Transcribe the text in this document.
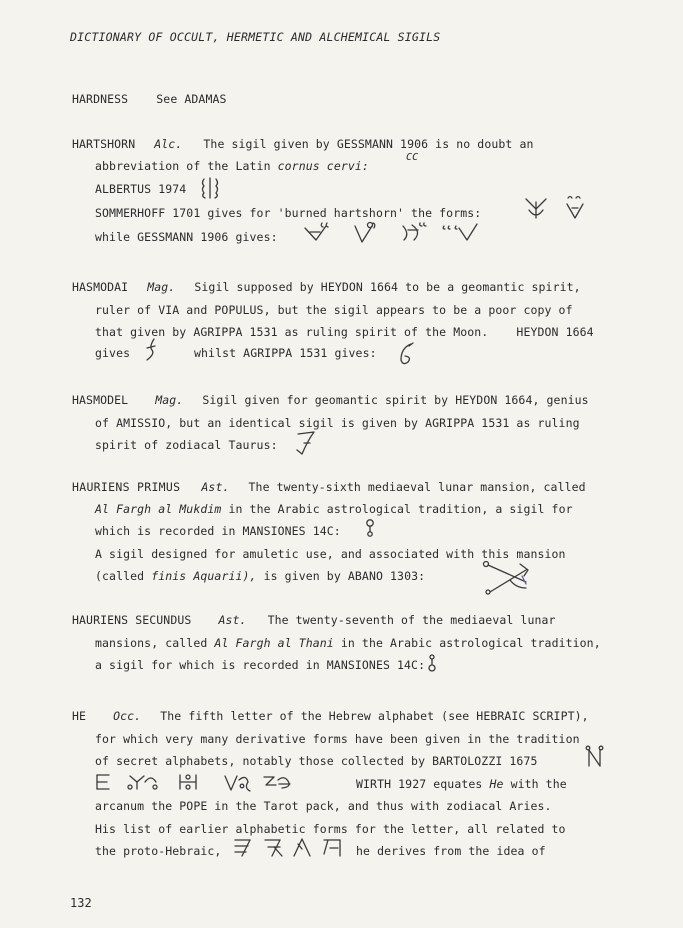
DICTIONARY OF OCCULT, HERMETIC AND ALCHEMICAL SIGILS
HARDNESS    See ADAMAS
HARTSHORN Alc. The sigil given by GESSMANN 1906 is no doubt an
abbreviation of the Latin cornus cervi:
CC
ALBERTUS 1974
SOMMERHOFF 1701 gives for 'burned hartshorn' the forms:
while GESSMANN 1906 gives:
HASMODAI Mag. Sigil supposed by HEYDON 1664 to be a geomantic spirit,
ruler of VIA and POPULUS, but the sigil appears to be a poor copy of
that given by AGRIPPA 1531 as ruling spirit of the Moon.    HEYDON 1664
gives	whilst AGRIPPA 1531 gives:
HASMODEL Mag. Sigil given for geomantic spirit by HEYDON 1664, genius
of AMISSIO, but an identical sigil is given by AGRIPPA 1531 as ruling
spirit of zodiacal Taurus:
HAURIENS PRIMUS Ast. The twenty-sixth mediaeval lunar mansion, called
Al Fargh al Mukdim in the Arabic astrological tradition, a sigil for
which is recorded in MANSIONES 14C:
A sigil designed for amuletic use, and associated with this mansion
(called finis Aquarii), is given by ABANO 1303:
HAURIENS SECUNDUS Ast. The twenty-seventh of the mediaeval lunar
mansions, called Al Fargh al Thani in the Arabic astrological tradition,
a sigil for which is recorded in MANSIONES 14C:
HE Occ. The fifth letter of the Hebrew alphabet (see HEBRAIC SCRIPT),
for which very many derivative forms have been given in the tradition
of secret alphabets, notably those collected by BARTOLOZZI 1675
WIRTH 1927 equates He with the
arcanum the POPE in the Tarot pack, and thus with zodiacal Aries.
His list of earlier alphabetic forms for the letter, all related to
the proto-Hebraic,	he derives from the idea of
132
